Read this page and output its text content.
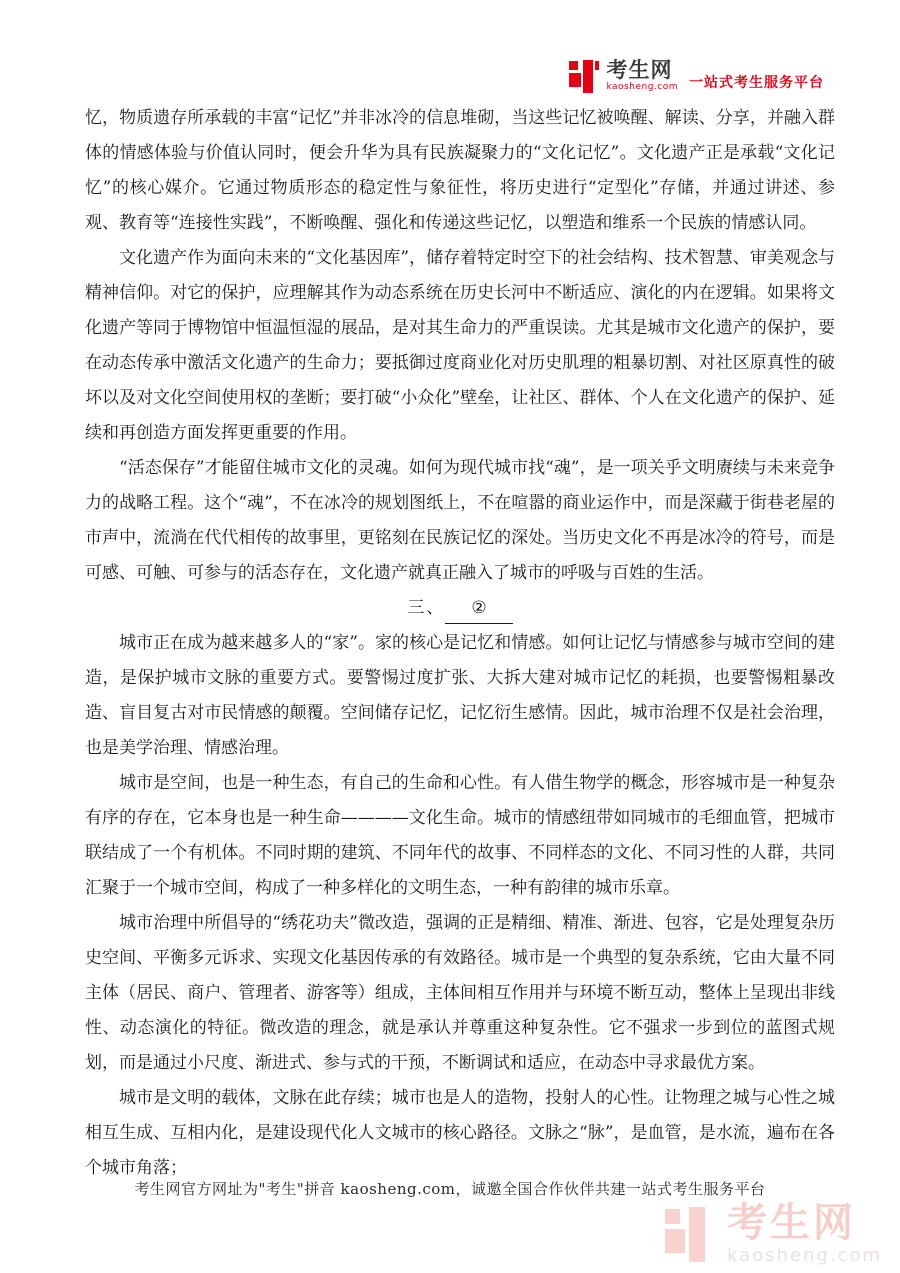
考生网
kaosheng.com 一站式考生服务平台

忆，物质遗存所承载的丰富“记忆”并非冰冷的信息堆砌，当这些记忆被唤醒、解读、分享，并融入群体的情感体验与价值认同时，便会升华为具有民族凝聚力的“文化记忆”。文化遗产正是承载“文化记忆”的核心媒介。它通过物质形态的稳定性与象征性，将历史进行“定型化”存储，并通过讲述、参观、教育等“连接性实践”，不断唤醒、强化和传递这些记忆，以塑造和维系一个民族的情感认同。

文化遗产作为面向未来的“文化基因库”，储存着特定时空下的社会结构、技术智慧、审美观念与精神信仰。对它的保护，应理解其作为动态系统在历史长河中不断适应、演化的内在逻辑。如果将文化遗产等同于博物馆中恒温恒湿的展品，是对其生命力的严重误读。尤其是城市文化遗产的保护，要在动态传承中激活文化遗产的生命力；要抵御过度商业化对历史肌理的粗暴切割、对社区原真性的破坏以及对文化空间使用权的垄断；要打破“小众化”壁垒，让社区、群体、个人在文化遗产的保护、延续和再创造方面发挥更重要的作用。

“活态保存”才能留住城市文化的灵魂。如何为现代城市找“魂”，是一项关乎文明赓续与未来竞争力的战略工程。这个“魂”，不在冰冷的规划图纸上，不在喧嚣的商业运作中，而是深藏于街巷老屋的市声中，流淌在代代相传的故事里，更铭刻在民族记忆的深处。当历史文化不再是冰冷的符号，而是可感、可触、可参与的活态存在，文化遗产就真正融入了城市的呼吸与百姓的生活。

三、 ②

城市正在成为越来越多人的“家”。家的核心是记忆和情感。如何让记忆与情感参与城市空间的建造，是保护城市文脉的重要方式。要警惕过度扩张、大拆大建对城市记忆的耗损，也要警惕粗暴改造、盲目复古对市民情感的颠覆。空间储存记忆，记忆衍生感情。因此，城市治理不仅是社会治理，也是美学治理、情感治理。

城市是空间，也是一种生态，有自己的生命和心性。有人借生物学的概念，形容城市是一种复杂有序的存在，它本身也是一种生命————文化生命。城市的情感纽带如同城市的毛细血管，把城市联结成了一个有机体。不同时期的建筑、不同年代的故事、不同样态的文化、不同习性的人群，共同汇聚于一个城市空间，构成了一种多样化的文明生态，一种有韵律的城市乐章。

城市治理中所倡导的“绣花功夫”微改造，强调的正是精细、精准、渐进、包容，它是处理复杂历史空间、平衡多元诉求、实现文化基因传承的有效路径。城市是一个典型的复杂系统，它由大量不同主体（居民、商户、管理者、游客等）组成，主体间相互作用并与环境不断互动，整体上呈现出非线性、动态演化的特征。微改造的理念，就是承认并尊重这种复杂性。它不强求一步到位的蓝图式规划，而是通过小尺度、渐进式、参与式的干预，不断调试和适应，在动态中寻求最优方案。

城市是文明的载体，文脉在此存续；城市也是人的造物，投射人的心性。让物理之城与心性之城相互生成、互相内化，是建设现代化人文城市的核心路径。文脉之“脉”，是血管，是水流，遍布在各个城市角落；

考生网官方网址为"考生"拼音 kaosheng.com，诚邀全国合作伙伴共建一站式考生服务平台
考生网
kaosheng.com
